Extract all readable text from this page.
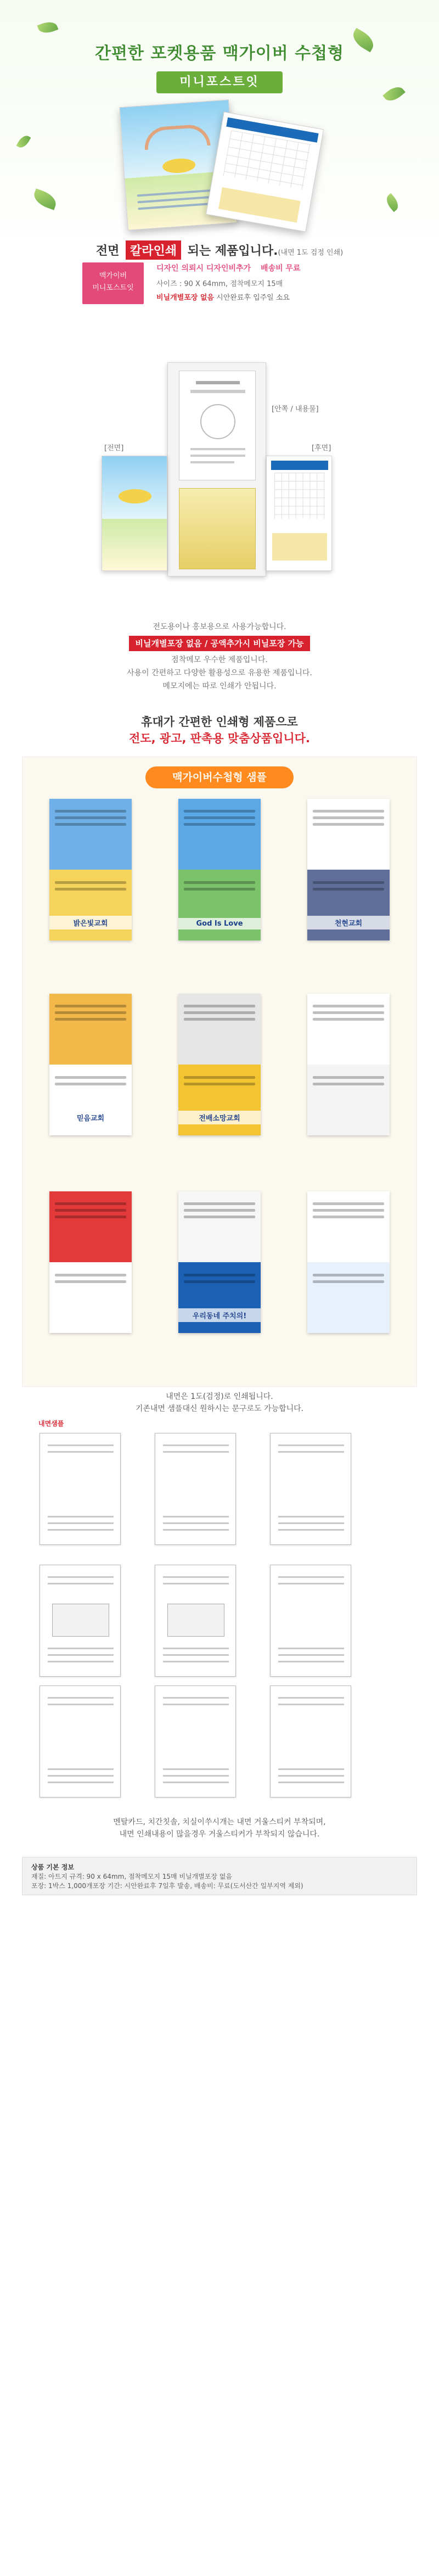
간편한 포켓용품 맥가이버 수첩형
미니포스트잇
전면 칼라인쇄 되는 제품입니다.(내면 1도 검정 인쇄)
맥가이버
미니포스트잇
디자인 의뢰시 디자인비추가 배송비 무료
사이즈 : 90 X 64mm, 점착메모지 15매
비닐개별포장 없음 시안완료후 입주일 소요
[안쪽 / 내용물]
[전면]	[후면]
전도용이나 홍보용으로 사용가능합니다.
비닐개별포장 없음 / 공액추가시 비닐포장 가능
점착메모 우수한 제품입니다.
사용이 간편하고 다양한 활용성으로 유용한 제품입니다.
메모지에는 따로 인쇄가 안됩니다.
휴대가 간편한 인쇄형 제품으로
전도, 광고, 판촉용 맞춤상품입니다.
맥가이버수첩형 샘플
밝은빛교회	God Is Love	천현교회
믿음교회	전배소망교회
우리동네 주치의!
내면은 1도(검정)로 인쇄됩니다.
기존내면 샘플대신 원하시는 문구로도 가능합니다.
내면샘플
멘탈카드, 치간칫솔, 치실이쑤시개는 내면 거울스티커 부착되며,
내면 인쇄내용이 많을경우 거울스티커가 부착되지 않습니다.
상품 기본 정보
재질: 아트지 규격: 90 x 64mm, 점착메모지 15매 비닐개별포장 없음
포장: 1박스 1,000개포장 기간: 시안완료후 7일후 발송, 배송비: 무료(도서산간 일부지역 제외)
